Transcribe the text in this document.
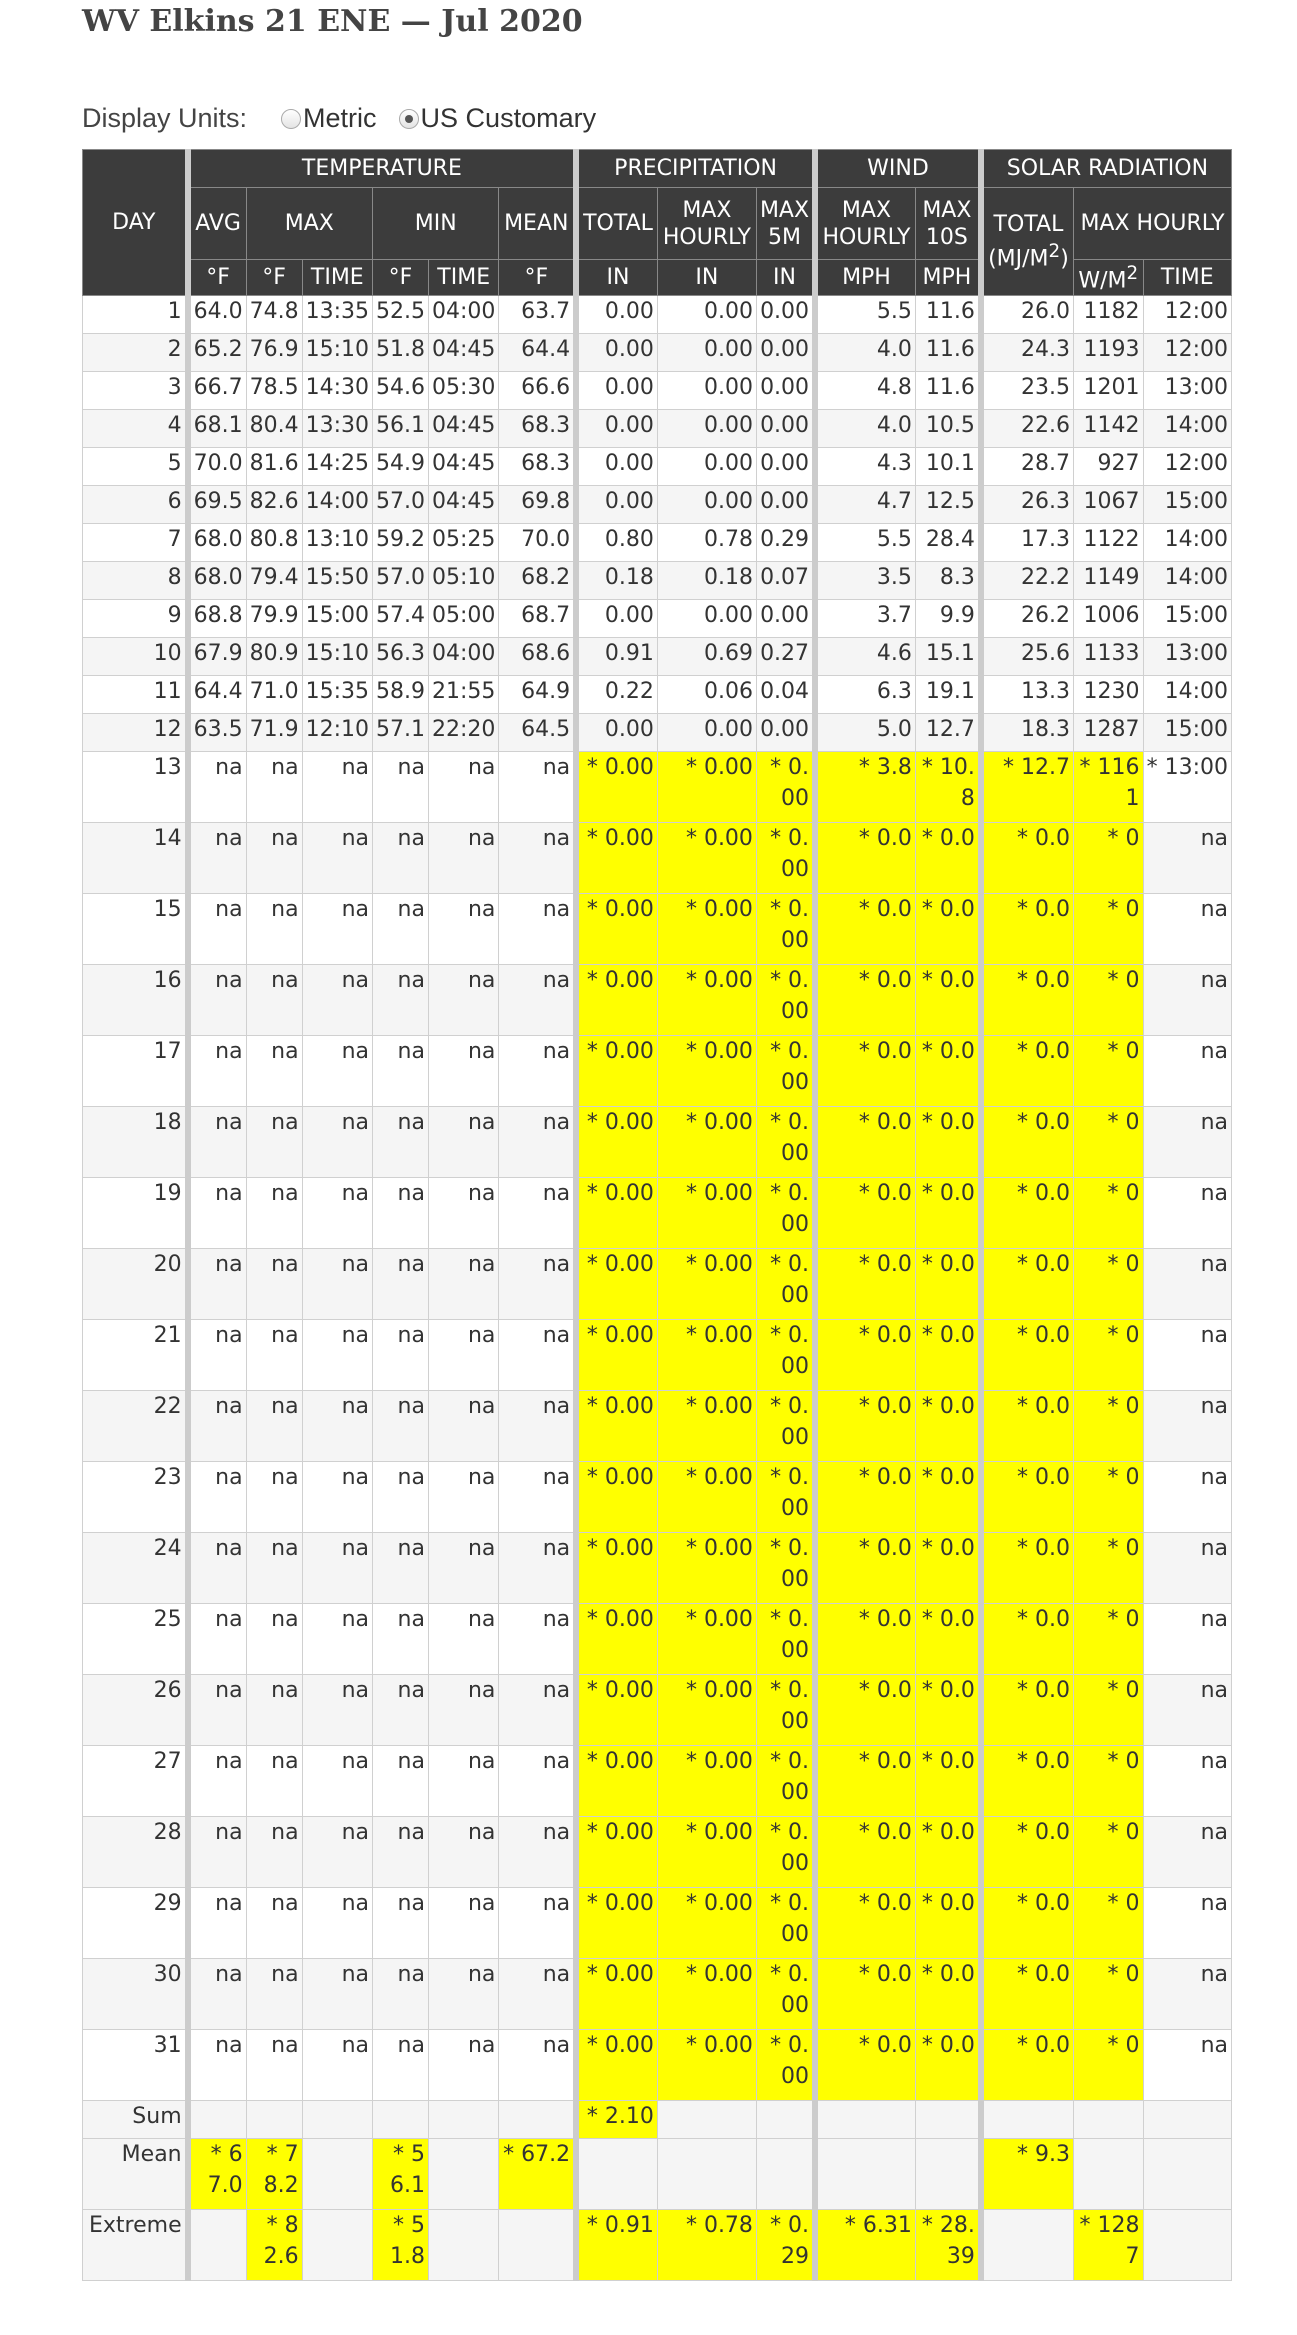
WV Elkins 21 ENE — Jul 2020
Display Units: Metric US Customary
DAY	TEMPERATURE						PRECIPITATION			WIND		SOLAR RADIATION		
	AVG	MAX		MIN		MEAN	TOTAL	MAX HOURLY	MAX 5M	MAX HOURLY	MAX 10S	TOTAL $(MJ/M^2)$	MAX HOURLY	
	°F	°F	TIME	°F	TIME	°F	IN	IN	IN	MPH	MPH		$W/M^2$	TIME
1	64.0	74.8	13:35	52.5	04:00	63.7	0.00	0.00	0.00	5.5	11.6	26.0	1182	12:00
2	65.2	76.9	15:10	51.8	04:45	64.4	0.00	0.00	0.00	4.0	11.6	24.3	1193	12:00
3	66.7	78.5	14:30	54.6	05:30	66.6	0.00	0.00	0.00	4.8	11.6	23.5	1201	13:00
4	68.1	80.4	13:30	56.1	04:45	68.3	0.00	0.00	0.00	4.0	10.5	22.6	1142	14:00
5	70.0	81.6	14:25	54.9	04:45	68.3	0.00	0.00	0.00	4.3	10.1	28.7	927	12:00
6	69.5	82.6	14:00	57.0	04:45	69.8	0.00	0.00	0.00	4.7	12.5	26.3	1067	15:00
7	68.0	80.8	13:10	59.2	05:25	70.0	0.80	0.78	0.29	5.5	28.4	17.3	1122	14:00
8	68.0	79.4	15:50	57.0	05:10	68.2	0.18	0.18	0.07	3.5	8.3	22.2	1149	14:00
9	68.8	79.9	15:00	57.4	05:00	68.7	0.00	0.00	0.00	3.7	9.9	26.2	1006	15:00
10	67.9	80.9	15:10	56.3	04:00	68.6	0.91	0.69	0.27	4.6	15.1	25.6	1133	13:00
11	64.4	71.0	15:35	58.9	21:55	64.9	0.22	0.06	0.04	6.3	19.1	13.3	1230	14:00
12	63.5	71.9	12:10	57.1	22:20	64.5	0.00	0.00	0.00	5.0	12.7	18.3	1287	15:00
13	na	na	na	na	na	na	* 0.00	* 0.00	* 0.00	* 3.8	* 10.8	* 12.7	* 1161	* 13:00
14	na	na	na	na	na	na	* 0.00	* 0.00	* 0.00	* 0.0	* 0.0	* 0.0	* 0	na
15	na	na	na	na	na	na	* 0.00	* 0.00	* 0.00	* 0.0	* 0.0	* 0.0	* 0	na
16	na	na	na	na	na	na	* 0.00	* 0.00	* 0.00	* 0.0	* 0.0	* 0.0	* 0	na
17	na	na	na	na	na	na	* 0.00	* 0.00	* 0.00	* 0.0	* 0.0	* 0.0	* 0	na
18	na	na	na	na	na	na	* 0.00	* 0.00	* 0.00	* 0.0	* 0.0	* 0.0	* 0	na
19	na	na	na	na	na	na	* 0.00	* 0.00	* 0.00	* 0.0	* 0.0	* 0.0	* 0	na
20	na	na	na	na	na	na	* 0.00	* 0.00	* 0.00	* 0.0	* 0.0	* 0.0	* 0	na
21	na	na	na	na	na	na	* 0.00	* 0.00	* 0.00	* 0.0	* 0.0	* 0.0	* 0	na
22	na	na	na	na	na	na	* 0.00	* 0.00	* 0.00	* 0.0	* 0.0	* 0.0	* 0	na
23	na	na	na	na	na	na	* 0.00	* 0.00	* 0.00	* 0.0	* 0.0	* 0.0	* 0	na
24	na	na	na	na	na	na	* 0.00	* 0.00	* 0.00	* 0.0	* 0.0	* 0.0	* 0	na
25	na	na	na	na	na	na	* 0.00	* 0.00	* 0.00	* 0.0	* 0.0	* 0.0	* 0	na
26	na	na	na	na	na	na	* 0.00	* 0.00	* 0.00	* 0.0	* 0.0	* 0.0	* 0	na
27	na	na	na	na	na	na	* 0.00	* 0.00	* 0.00	* 0.0	* 0.0	* 0.0	* 0	na
28	na	na	na	na	na	na	* 0.00	* 0.00	* 0.00	* 0.0	* 0.0	* 0.0	* 0	na
29	na	na	na	na	na	na	* 0.00	* 0.00	* 0.00	* 0.0	* 0.0	* 0.0	* 0	na
30	na	na	na	na	na	na	* 0.00	* 0.00	* 0.00	* 0.0	* 0.0	* 0.0	* 0	na
31	na	na	na	na	na	na	* 0.00	* 0.00	* 0.00	* 0.0	* 0.0	* 0.0	* 0	na
Sum							* 2.10							
Mean	* 67.0	* 78.2		* 56.1		* 67.2						* 9.3		
Extreme		* 82.6		* 51.8			* 0.91	* 0.78	* 0.29	* 6.31	* 28.39		* 1287	
